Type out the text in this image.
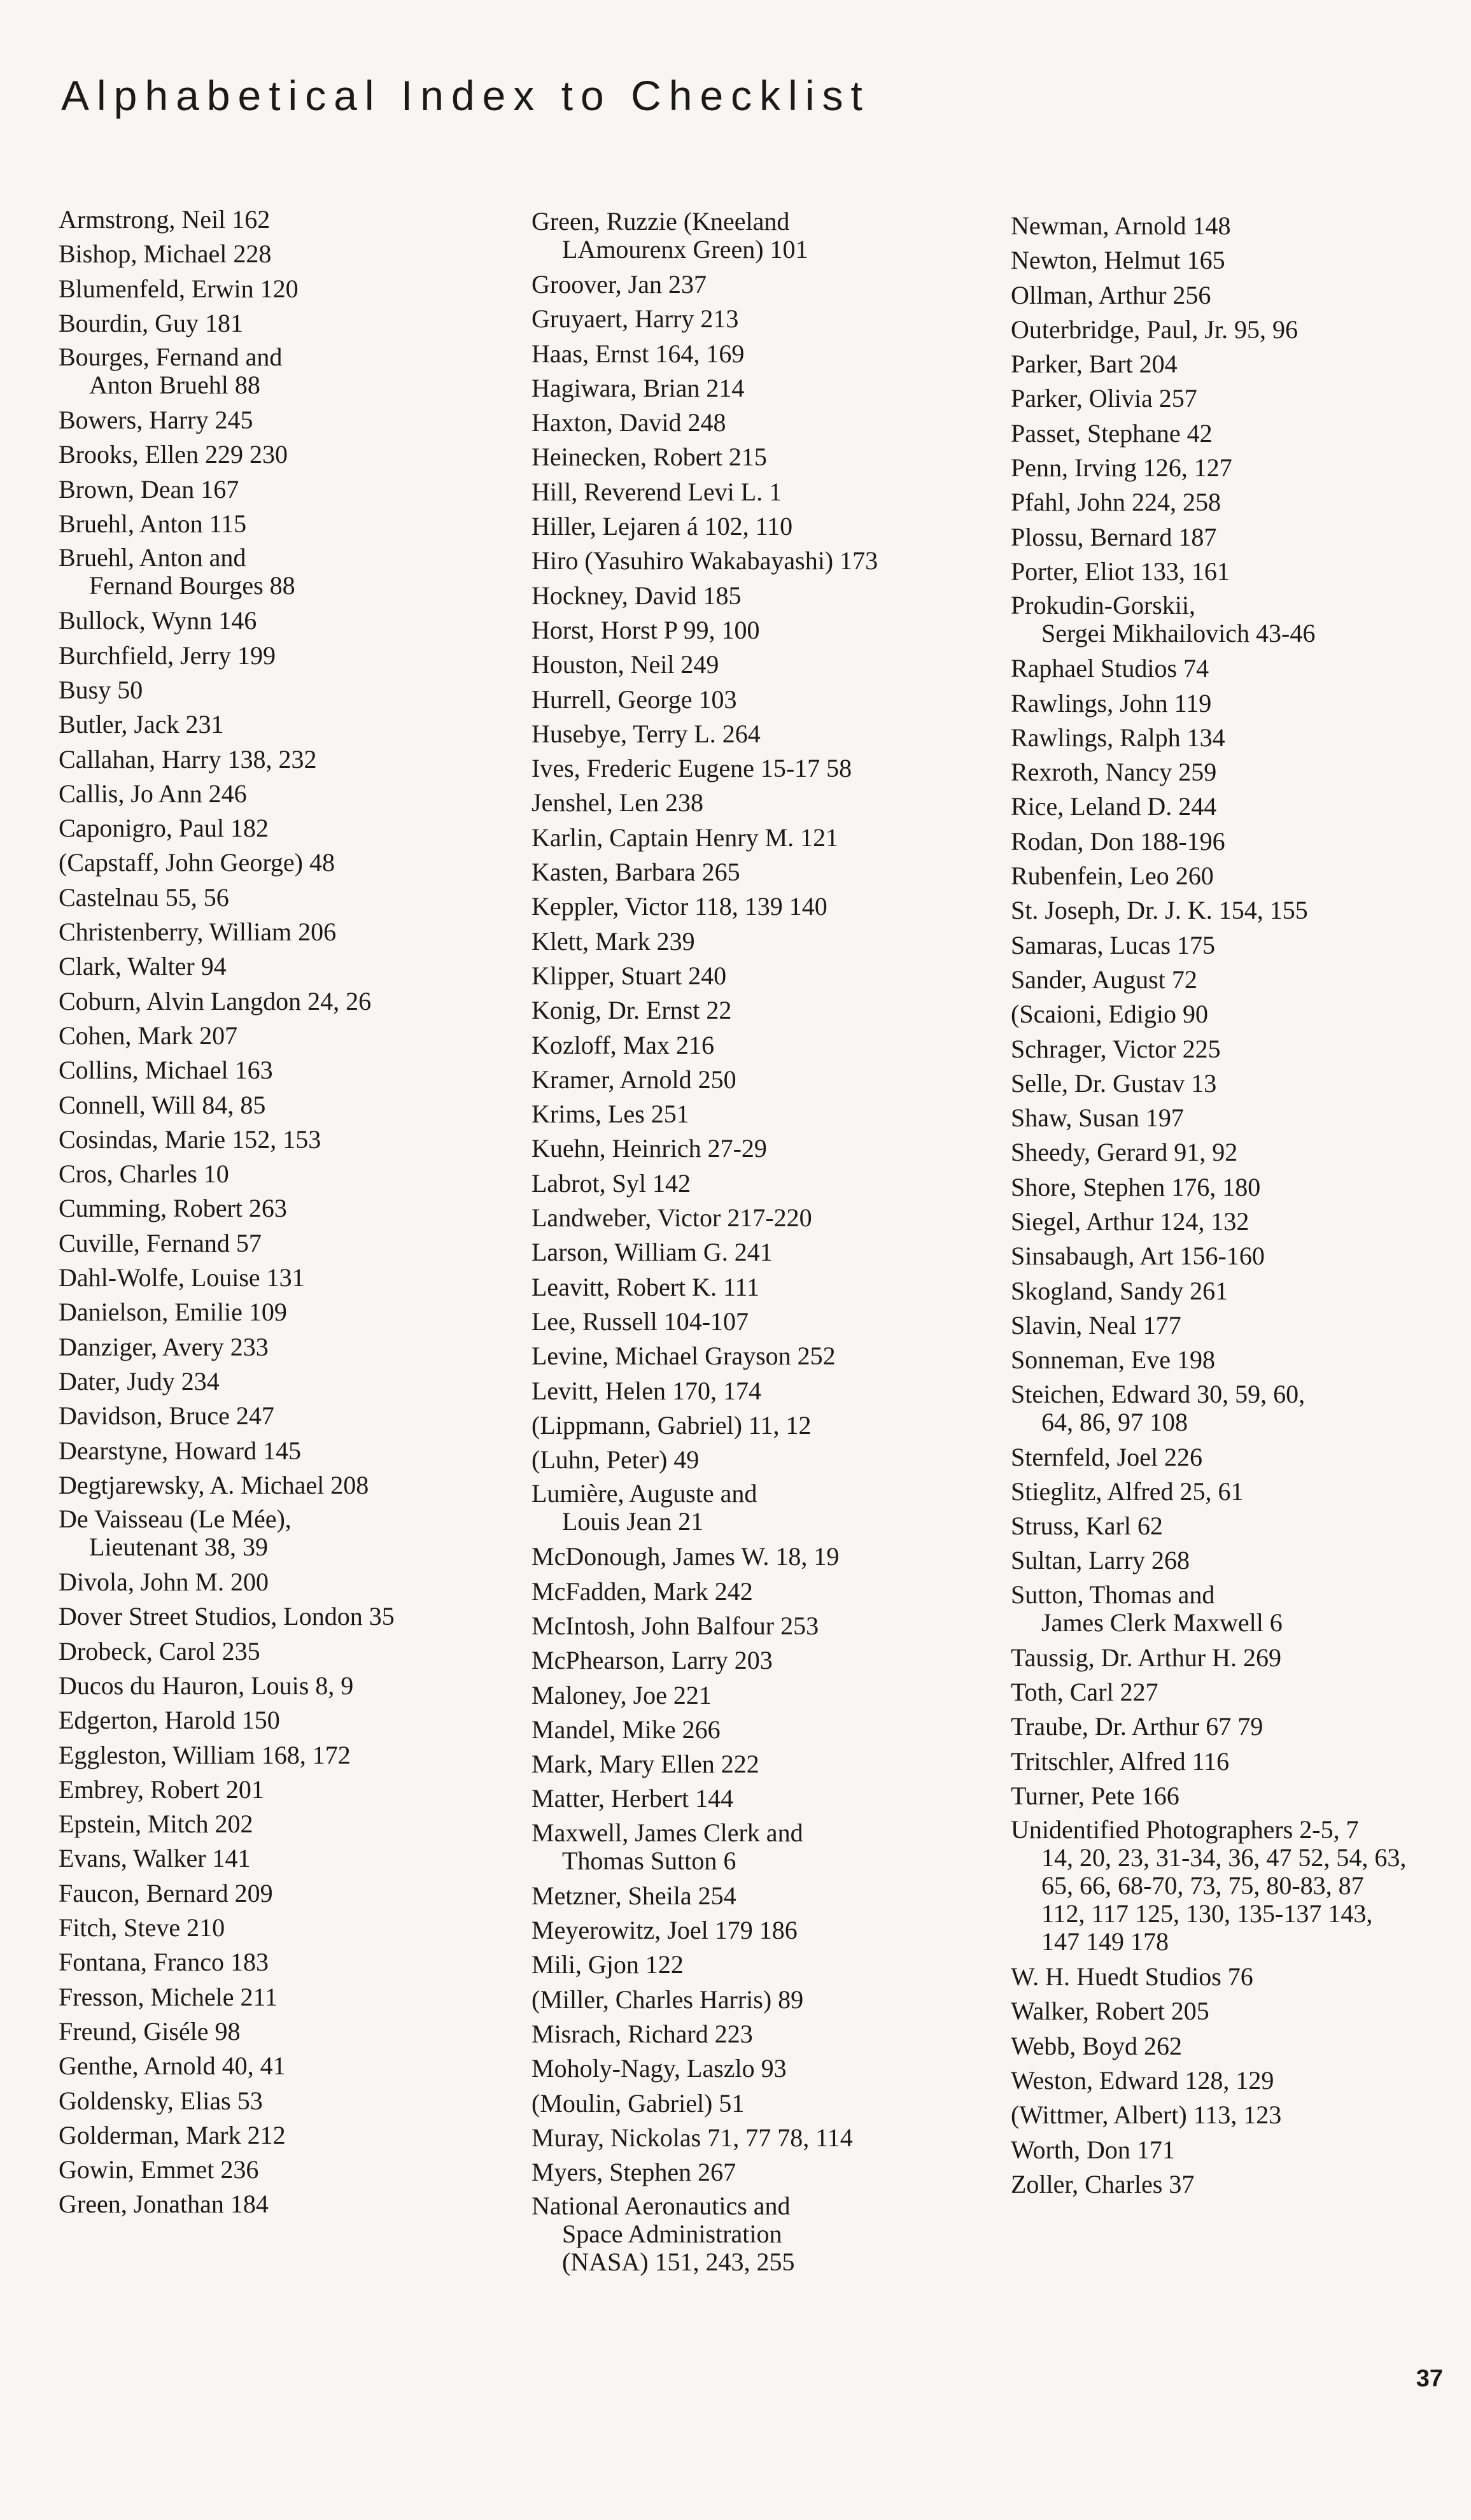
Alphabetical Index to Checklist
Armstrong, Neil 162
Bishop, Michael 228
Blumenfeld, Erwin 120
Bourdin, Guy 181
Bourges, Fernand and
Anton Bruehl 88
Bowers, Harry 245
Brooks, Ellen 229 230
Brown, Dean 167
Bruehl, Anton 115
Bruehl, Anton and
Fernand Bourges 88
Bullock, Wynn 146
Burchfield, Jerry 199
Busy 50
Butler, Jack 231
Callahan, Harry 138, 232
Callis, Jo Ann 246
Caponigro, Paul 182
(Capstaff, John George) 48
Castelnau 55, 56
Christenberry, William 206
Clark, Walter 94
Coburn, Alvin Langdon 24, 26
Cohen, Mark 207
Collins, Michael 163
Connell, Will 84, 85
Cosindas, Marie 152, 153
Cros, Charles 10
Cumming, Robert 263
Cuville, Fernand 57
Dahl-Wolfe, Louise 131
Danielson, Emilie 109
Danziger, Avery 233
Dater, Judy 234
Davidson, Bruce 247
Dearstyne, Howard 145
Degtjarewsky, A. Michael 208
De Vaisseau (Le Mée),
Lieutenant 38, 39
Divola, John M. 200
Dover Street Studios, London 35
Drobeck, Carol 235
Ducos du Hauron, Louis 8, 9
Edgerton, Harold 150
Eggleston, William 168, 172
Embrey, Robert 201
Epstein, Mitch 202
Evans, Walker 141
Faucon, Bernard 209
Fitch, Steve 210
Fontana, Franco 183
Fresson, Michele 211
Freund, Giséle 98
Genthe, Arnold 40, 41
Goldensky, Elias 53
Golderman, Mark 212
Gowin, Emmet 236
Green, Jonathan 184
Green, Ruzzie (Kneeland
LAmourenx Green) 101
Groover, Jan 237
Gruyaert, Harry 213
Haas, Ernst 164, 169
Hagiwara, Brian 214
Haxton, David 248
Heinecken, Robert 215
Hill, Reverend Levi L. 1
Hiller, Lejaren á 102, 110
Hiro (Yasuhiro Wakabayashi) 173
Hockney, David 185
Horst, Horst P 99, 100
Houston, Neil 249
Hurrell, George 103
Husebye, Terry L. 264
Ives, Frederic Eugene 15-17 58
Jenshel, Len 238
Karlin, Captain Henry M. 121
Kasten, Barbara 265
Keppler, Victor 118, 139 140
Klett, Mark 239
Klipper, Stuart 240
Konig, Dr. Ernst 22
Kozloff, Max 216
Kramer, Arnold 250
Krims, Les 251
Kuehn, Heinrich 27-29
Labrot, Syl 142
Landweber, Victor 217-220
Larson, William G. 241
Leavitt, Robert K. 111
Lee, Russell 104-107
Levine, Michael Grayson 252
Levitt, Helen 170, 174
(Lippmann, Gabriel) 11, 12
(Luhn, Peter) 49
Lumière, Auguste and
Louis Jean 21
McDonough, James W. 18, 19
McFadden, Mark 242
McIntosh, John Balfour 253
McPhearson, Larry 203
Maloney, Joe 221
Mandel, Mike 266
Mark, Mary Ellen 222
Matter, Herbert 144
Maxwell, James Clerk and
Thomas Sutton 6
Metzner, Sheila 254
Meyerowitz, Joel 179 186
Mili, Gjon 122
(Miller, Charles Harris) 89
Misrach, Richard 223
Moholy-Nagy, Laszlo 93
(Moulin, Gabriel) 51
Muray, Nickolas 71, 77 78, 114
Myers, Stephen 267
National Aeronautics and
Space Administration
(NASA) 151, 243, 255
Newman, Arnold 148
Newton, Helmut 165
Ollman, Arthur 256
Outerbridge, Paul, Jr. 95, 96
Parker, Bart 204
Parker, Olivia 257
Passet, Stephane 42
Penn, Irving 126, 127
Pfahl, John 224, 258
Plossu, Bernard 187
Porter, Eliot 133, 161
Prokudin-Gorskii,
Sergei Mikhailovich 43-46
Raphael Studios 74
Rawlings, John 119
Rawlings, Ralph 134
Rexroth, Nancy 259
Rice, Leland D. 244
Rodan, Don 188-196
Rubenfein, Leo 260
St. Joseph, Dr. J. K. 154, 155
Samaras, Lucas 175
Sander, August 72
(Scaioni, Edigio 90
Schrager, Victor 225
Selle, Dr. Gustav 13
Shaw, Susan 197
Sheedy, Gerard 91, 92
Shore, Stephen 176, 180
Siegel, Arthur 124, 132
Sinsabaugh, Art 156-160
Skogland, Sandy 261
Slavin, Neal 177
Sonneman, Eve 198
Steichen, Edward 30, 59, 60,
64, 86, 97 108
Sternfeld, Joel 226
Stieglitz, Alfred 25, 61
Struss, Karl 62
Sultan, Larry 268
Sutton, Thomas and
James Clerk Maxwell 6
Taussig, Dr. Arthur H. 269
Toth, Carl 227
Traube, Dr. Arthur 67 79
Tritschler, Alfred 116
Turner, Pete 166
Unidentified Photographers 2-5, 7
14, 20, 23, 31-34, 36, 47 52, 54, 63,
65, 66, 68-70, 73, 75, 80-83, 87
112, 117 125, 130, 135-137 143,
147 149 178
W. H. Huedt Studios 76
Walker, Robert 205
Webb, Boyd 262
Weston, Edward 128, 129
(Wittmer, Albert) 113, 123
Worth, Don 171
Zoller, Charles 37

37
